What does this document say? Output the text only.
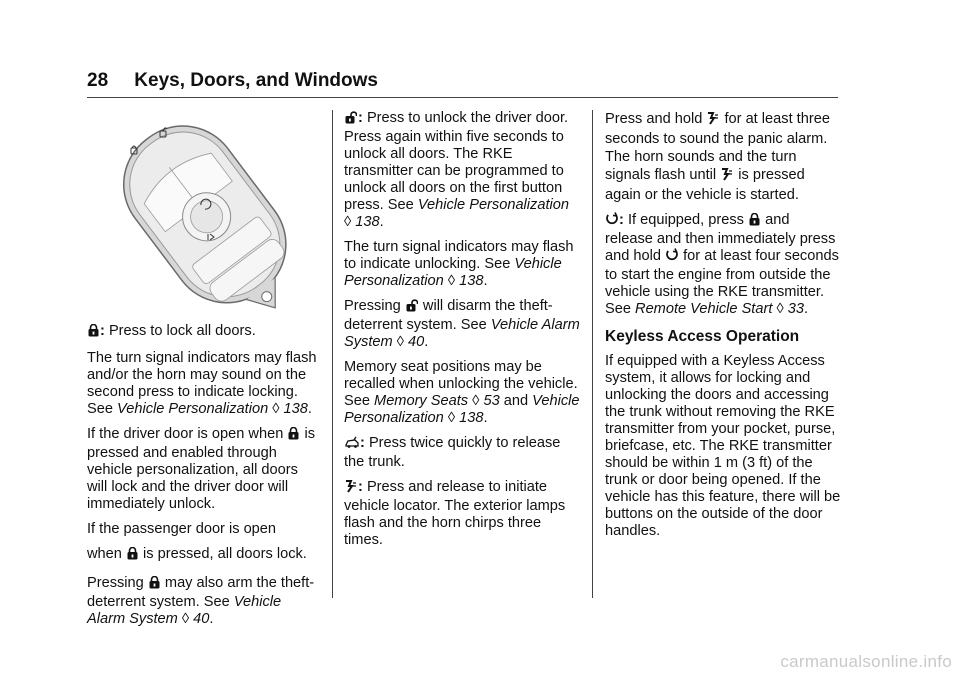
28 Keys, Doors, and Windows

: Press to lock all doors.

The turn signal indicators may flash and/or the horn may sound on the second press to indicate locking. See Vehicle Personalization ◊ 138.

If the driver door is open when is pressed and enabled through vehicle personalization, all doors will lock and the driver door will immediately unlock.

If the passenger door is open

when is pressed, all doors lock.

Pressing may also arm the theft-deterrent system. See Vehicle Alarm System ◊ 40.

: Press to unlock the driver door. Press again within five seconds to unlock all doors. The RKE transmitter can be programmed to unlock all doors on the first button press. See Vehicle Personalization
◊ 138.

The turn signal indicators may flash to indicate unlocking. See Vehicle Personalization ◊ 138.

Pressing will disarm the theft-deterrent system. See Vehicle Alarm System ◊ 40.

Memory seat positions may be recalled when unlocking the vehicle. See Memory Seats ◊ 53 and Vehicle Personalization ◊ 138.

: Press twice quickly to release the trunk.

: Press and release to initiate vehicle locator. The exterior lamps flash and the horn chirps three times.

Press and hold for at least three seconds to sound the panic alarm. The horn sounds and the turn signals flash until is pressed again or the vehicle is started.

: If equipped, press and release and then immediately press and hold for at least four seconds to start the engine from outside the vehicle using the RKE transmitter. See Remote Vehicle Start ◊ 33.

Keyless Access Operation

If equipped with a Keyless Access system, it allows for locking and unlocking the doors and accessing the trunk without removing the RKE transmitter from your pocket, purse, briefcase, etc. The RKE transmitter should be within 1 m (3 ft) of the trunk or door being opened. If the vehicle has this feature, there will be buttons on the outside of the door handles.

carmanualsonline.info
